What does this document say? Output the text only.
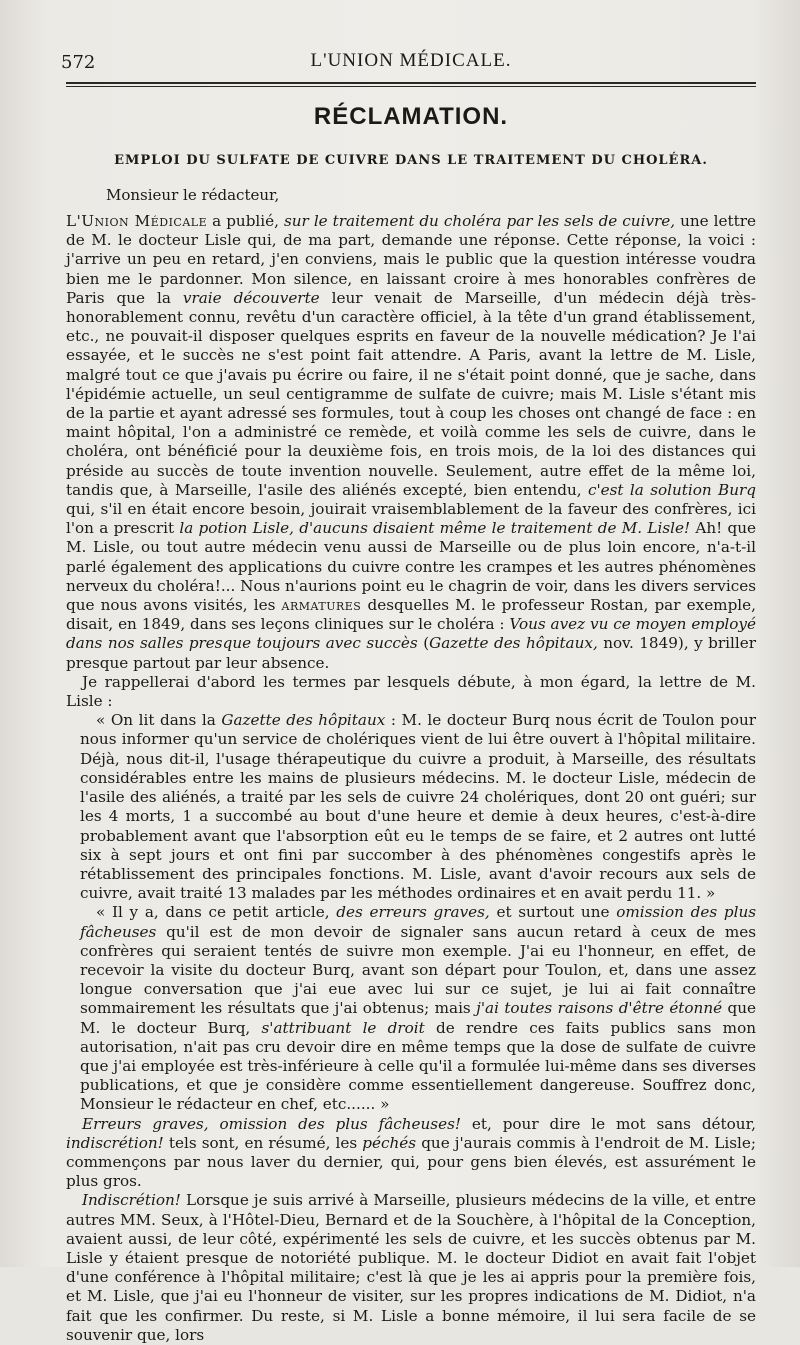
572	L'UNION MÉDICALE.
RÉCLAMATION.
EMPLOI DU SULFATE DE CUIVRE DANS LE TRAITEMENT DU CHOLÉRA.
Monsieur le rédacteur,

L'Union Médicale a publié, sur le traitement du choléra par les sels de cuivre, une lettre de M. le docteur Lisle qui, de ma part, demande une réponse. Cette réponse, la voici : j'arrive un peu en retard, j'en conviens, mais le public que la question intéresse voudra bien me le pardonner. Mon silence, en laissant croire à mes honorables confrères de Paris que la vraie découverte leur venait de Marseille, d'un médecin déjà très-honorablement connu, revêtu d'un caractère officiel, à la tête d'un grand établissement, etc., ne pouvait-il disposer quelques esprits en faveur de la nouvelle médication? Je l'ai essayée, et le succès ne s'est point fait attendre. A Paris, avant la lettre de M. Lisle, malgré tout ce que j'avais pu écrire ou faire, il ne s'était point donné, que je sache, dans l'épidémie actuelle, un seul centigramme de sulfate de cuivre; mais M. Lisle s'étant mis de la partie et ayant adressé ses formules, tout à coup les choses ont changé de face : en maint hôpital, l'on a administré ce remède, et voilà comme les sels de cuivre, dans le choléra, ont bénéficié pour la deuxième fois, en trois mois, de la loi des distances qui préside au succès de toute invention nouvelle. Seulement, autre effet de la même loi, tandis que, à Marseille, l'asile des aliénés excepté, bien entendu, c'est la solution Burq qui, s'il en était encore besoin, jouirait vraisemblablement de la faveur des confrères, ici l'on a prescrit la potion Lisle, d'aucuns disaient même le traitement de M. Lisle! Ah! que M. Lisle, ou tout autre médecin venu aussi de Marseille ou de plus loin encore, n'a-t-il parlé également des applications du cuivre contre les crampes et les autres phénomènes nerveux du choléra!... Nous n'aurions point eu le chagrin de voir, dans les divers services que nous avons visités, les armatures desquelles M. le professeur Rostan, par exemple, disait, en 1849, dans ses leçons cliniques sur le choléra : Vous avez vu ce moyen employé dans nos salles presque toujours avec succès (Gazette des hôpitaux, nov. 1849), y briller presque partout par leur absence.

Je rappellerai d'abord les termes par lesquels débute, à mon égard, la lettre de M. Lisle :

« On lit dans la Gazette des hôpitaux : M. le docteur Burq nous écrit de Toulon pour nous informer qu'un service de cholériques vient de lui être ouvert à l'hôpital militaire. Déjà, nous dit-il, l'usage thérapeutique du cuivre a produit, à Marseille, des résultats considérables entre les mains de plusieurs médecins. M. le docteur Lisle, médecin de l'asile des aliénés, a traité par les sels de cuivre 24 cholériques, dont 20 ont guéri; sur les 4 morts, 1 a succombé au bout d'une heure et demie à deux heures, c'est-à-dire probablement avant que l'absorption eût eu le temps de se faire, et 2 autres ont lutté six à sept jours et ont fini par succomber à des phénomènes congestifs après le rétablissement des principales fonctions. M. Lisle, avant d'avoir recours aux sels de cuivre, avait traité 13 malades par les méthodes ordinaires et en avait perdu 11. »

« Il y a, dans ce petit article, des erreurs graves, et surtout une omission des plus fâcheuses qu'il est de mon devoir de signaler sans aucun retard à ceux de mes confrères qui seraient tentés de suivre mon exemple. J'ai eu l'honneur, en effet, de recevoir la visite du docteur Burq, avant son départ pour Toulon, et, dans une assez longue conversation que j'ai eue avec lui sur ce sujet, je lui ai fait connaître sommairement les résultats que j'ai obtenus; mais j'ai toutes raisons d'être étonné que M. le docteur Burq, s'attribuant le droit de rendre ces faits publics sans mon autorisation, n'ait pas cru devoir dire en même temps que la dose de sulfate de cuivre que j'ai employée est très-inférieure à celle qu'il a formulée lui-même dans ses diverses publications, et que je considère comme essentiellement dangereuse. Souffrez donc, Monsieur le rédacteur en chef, etc...... »

Erreurs graves, omission des plus fâcheuses! et, pour dire le mot sans détour, indiscrétion! tels sont, en résumé, les péchés que j'aurais commis à l'endroit de M. Lisle; commençons par nous laver du dernier, qui, pour gens bien élevés, est assurément le plus gros.

Indiscrétion! Lorsque je suis arrivé à Marseille, plusieurs médecins de la ville, et entre autres MM. Seux, à l'Hôtel-Dieu, Bernard et de la Souchère, à l'hôpital de la Conception, avaient aussi, de leur côté, expérimenté les sels de cuivre, et les succès obtenus par M. Lisle y étaient presque de notoriété publique. M. le docteur Didiot en avait fait l'objet d'une conférence à l'hôpital militaire; c'est là que je les ai appris pour la première fois, et M. Lisle, que j'ai eu l'honneur de visiter, sur les propres indications de M. Didiot, n'a fait que les confirmer. Du reste, si M. Lisle a bonne mémoire, il lui sera facile de se souvenir que, lors
